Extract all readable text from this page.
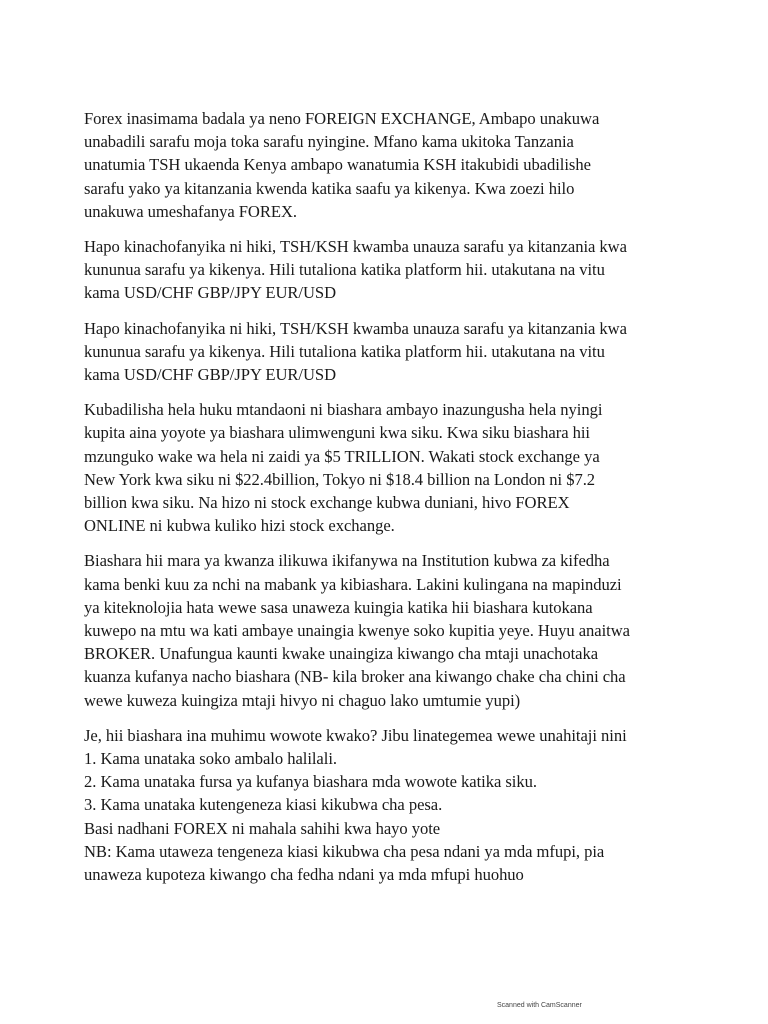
Forex inasimama badala ya neno FOREIGN EXCHANGE, Ambapo unakuwa
unabadili sarafu moja toka sarafu nyingine. Mfano kama ukitoka Tanzania
unatumia TSH ukaenda Kenya ambapo wanatumia KSH itakubidi ubadilishe
sarafu yako ya kitanzania kwenda katika saafu ya kikenya. Kwa zoezi hilo
unakuwa umeshafanya FOREX.

Hapo kinachofanyika ni hiki, TSH/KSH kwamba unauza sarafu ya kitanzania kwa
kununua sarafu ya kikenya. Hili tutaliona katika platform hii. utakutana na vitu
kama USD/CHF GBP/JPY EUR/USD

Hapo kinachofanyika ni hiki, TSH/KSH kwamba unauza sarafu ya kitanzania kwa
kununua sarafu ya kikenya. Hili tutaliona katika platform hii. utakutana na vitu
kama USD/CHF GBP/JPY EUR/USD

Kubadilisha hela huku mtandaoni ni biashara ambayo inazungusha hela nyingi
kupita aina yoyote ya biashara ulimwenguni kwa siku. Kwa siku biashara hii
mzunguko wake wa hela ni zaidi ya $5 TRILLION. Wakati stock exchange ya
New York kwa siku ni $22.4billion, Tokyo ni $18.4 billion na London ni $7.2
billion kwa siku. Na hizo ni stock exchange kubwa duniani, hivo FOREX
ONLINE ni kubwa kuliko hizi stock exchange.

Biashara hii mara ya kwanza ilikuwa ikifanywa na Institution kubwa za kifedha
kama benki kuu za nchi na mabank ya kibiashara. Lakini kulingana na mapinduzi
ya kiteknolojia hata wewe sasa unaweza kuingia katika hii biashara kutokana
kuwepo na mtu wa kati ambaye unaingia kwenye soko kupitia yeye. Huyu anaitwa
BROKER. Unafungua kaunti kwake unaingiza kiwango cha mtaji unachotaka
kuanza kufanya nacho biashara (NB- kila broker ana kiwango chake cha chini cha
wewe kuweza kuingiza mtaji hivyo ni chaguo lako umtumie yupi)

Je, hii biashara ina muhimu wowote kwako? Jibu linategemea wewe unahitaji nini
1. Kama unataka soko ambalo halilali.
2. Kama unataka fursa ya kufanya biashara mda wowote katika siku.
3. Kama unataka kutengeneza kiasi kikubwa cha pesa.
Basi nadhani FOREX ni mahala sahihi kwa hayo yote
NB: Kama utaweza tengeneza kiasi kikubwa cha pesa ndani ya mda mfupi, pia
unaweza kupoteza kiwango cha fedha ndani ya mda mfupi huohuo

Scanned with CamScanner
